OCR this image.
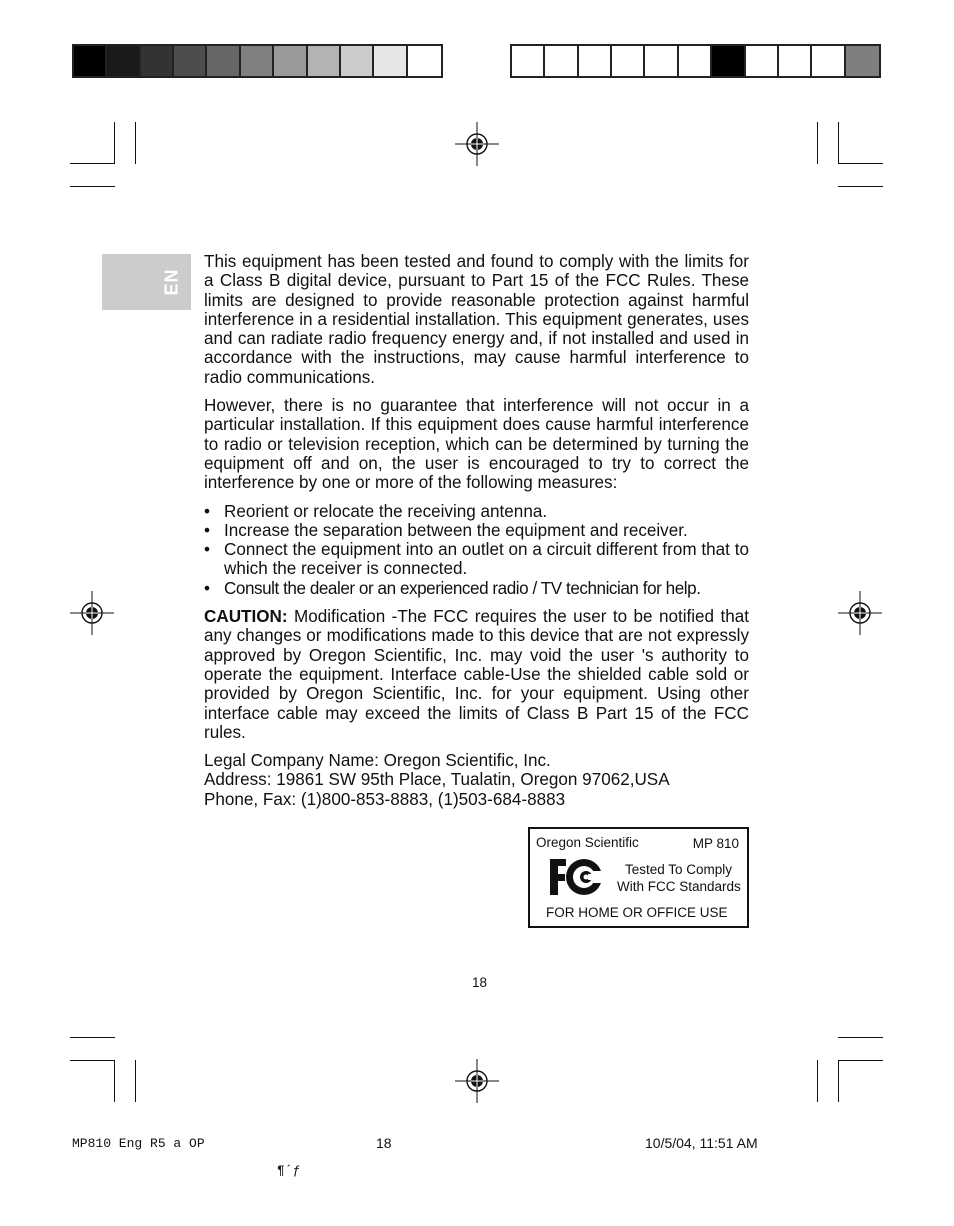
EN

This equipment has been tested and found to comply with the limits for a Class B digital device, pursuant to Part 15 of the FCC Rules. These limits are designed to provide reasonable protection against harmful interference in a residential installation. This equipment generates, uses and can radiate radio frequency energy and, if not installed and used in accordance with the instructions, may cause harmful interference to radio communications.

However, there is no guarantee that interference will not occur in a particular installation. If this equipment does cause harmful interference to radio or television reception, which can be determined by turning the equipment off and on, the user is encouraged to try to correct the interference by one or more of the following measures:

• Reorient or relocate the receiving antenna.
• Increase the separation between the equipment and receiver.
• Connect the equipment into an outlet on a circuit different from that to which the receiver is connected.
• Consult the dealer or an experienced radio / TV technician for help.

CAUTION: Modification -The FCC requires the user to be notified that any changes or modifications made to this device that are not expressly approved by Oregon Scientific, Inc. may void the user 's authority to operate the equipment. Interface cable-Use the shielded cable sold or provided by Oregon Scientific, Inc. for your equipment. Using other interface cable may exceed the limits of Class B Part 15 of the FCC rules.

Legal Company Name: Oregon Scientific, Inc.

Address: 19861 SW 95th Place, Tualatin, Oregon 97062,USA

Phone, Fax: (1)800-853-8883, (1)503-684-8883

Oregon Scientific	MP 810
Tested To Comply
With FCC Standards
FOR HOME OR OFFICE USE
18
MP810 Eng R5 a OP	18	10/5/04, 11:51 AM
¶´ƒ
